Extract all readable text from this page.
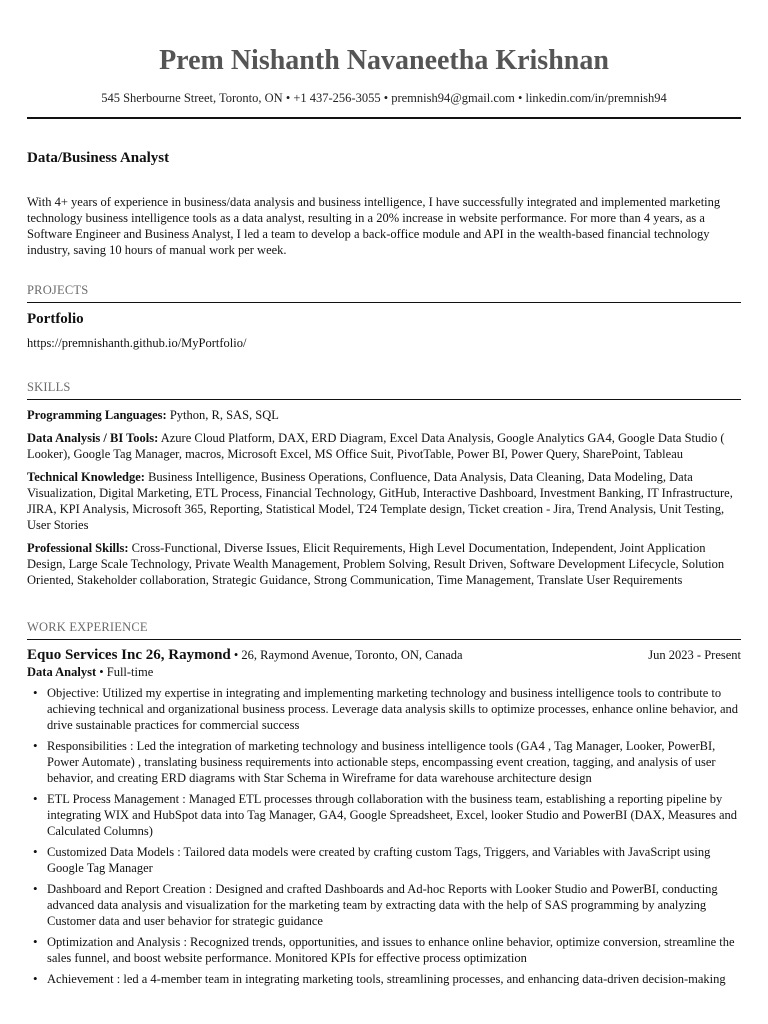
Prem Nishanth Navaneetha Krishnan
545 Sherbourne Street, Toronto, ON • +1 437-256-3055 • premnish94@gmail.com • linkedin.com/in/premnish94
Data/Business Analyst
With 4+ years of experience in business/data analysis and business intelligence, I have successfully integrated and implemented marketing technology business intelligence tools as a data analyst, resulting in a 20% increase in website performance. For more than 4 years, as a Software Engineer and Business Analyst, I led a team to develop a back-office module and API in the wealth-based financial technology industry, saving 10 hours of manual work per week.
PROJECTS
Portfolio
https://premnishanth.github.io/MyPortfolio/
SKILLS
Programming Languages: Python, R, SAS, SQL
Data Analysis / BI Tools: Azure Cloud Platform, DAX, ERD Diagram, Excel Data Analysis, Google Analytics GA4, Google Data Studio ( Looker), Google Tag Manager, macros, Microsoft Excel, MS Office Suit, PivotTable, Power BI, Power Query, SharePoint, Tableau
Technical Knowledge: Business Intelligence, Business Operations, Confluence, Data Analysis, Data Cleaning, Data Modeling, Data Visualization, Digital Marketing, ETL Process, Financial Technology, GitHub, Interactive Dashboard, Investment Banking, IT Infrastructure, JIRA, KPI Analysis, Microsoft 365, Reporting, Statistical Model, T24 Template design, Ticket creation - Jira, Trend Analysis, Unit Testing, User Stories
Professional Skills: Cross-Functional, Diverse Issues, Elicit Requirements, High Level Documentation, Independent, Joint Application Design, Large Scale Technology, Private Wealth Management, Problem Solving, Result Driven, Software Development Lifecycle, Solution Oriented, Stakeholder collaboration, Strategic Guidance, Strong Communication, Time Management, Translate User Requirements
WORK EXPERIENCE
Equo Services Inc 26, Raymond • 26, Raymond Avenue, Toronto, ON, Canada	Jun 2023 - Present
Data Analyst • Full-time
• Objective: Utilized my expertise in integrating and implementing marketing technology and business intelligence tools to contribute to achieving technical and organizational business process. Leverage data analysis skills to optimize processes, enhance online behavior, and drive sustainable practices for commercial success
• Responsibilities : Led the integration of marketing technology and business intelligence tools (GA4 , Tag Manager, Looker, PowerBI, Power Automate) , translating business requirements into actionable steps, encompassing event creation, tagging, and analysis of user behavior, and creating ERD diagrams with Star Schema in Wireframe for data warehouse architecture design
• ETL Process Management : Managed ETL processes through collaboration with the business team, establishing a reporting pipeline by integrating WIX and HubSpot data into Tag Manager, GA4, Google Spreadsheet, Excel, looker Studio and PowerBI (DAX, Measures and Calculated Columns)
• Customized Data Models : Tailored data models were created by crafting custom Tags, Triggers, and Variables with JavaScript using Google Tag Manager
• Dashboard and Report Creation : Designed and crafted Dashboards and Ad-hoc Reports with Looker Studio and PowerBI, conducting advanced data analysis and visualization for the marketing team by extracting data with the help of SAS programming by analyzing Customer data and user behavior for strategic guidance
• Optimization and Analysis : Recognized trends, opportunities, and issues to enhance online behavior, optimize conversion, streamline the sales funnel, and boost website performance. Monitored KPIs for effective process optimization
• Achievement : led a 4-member team in integrating marketing tools, streamlining processes, and enhancing data-driven decision-making
